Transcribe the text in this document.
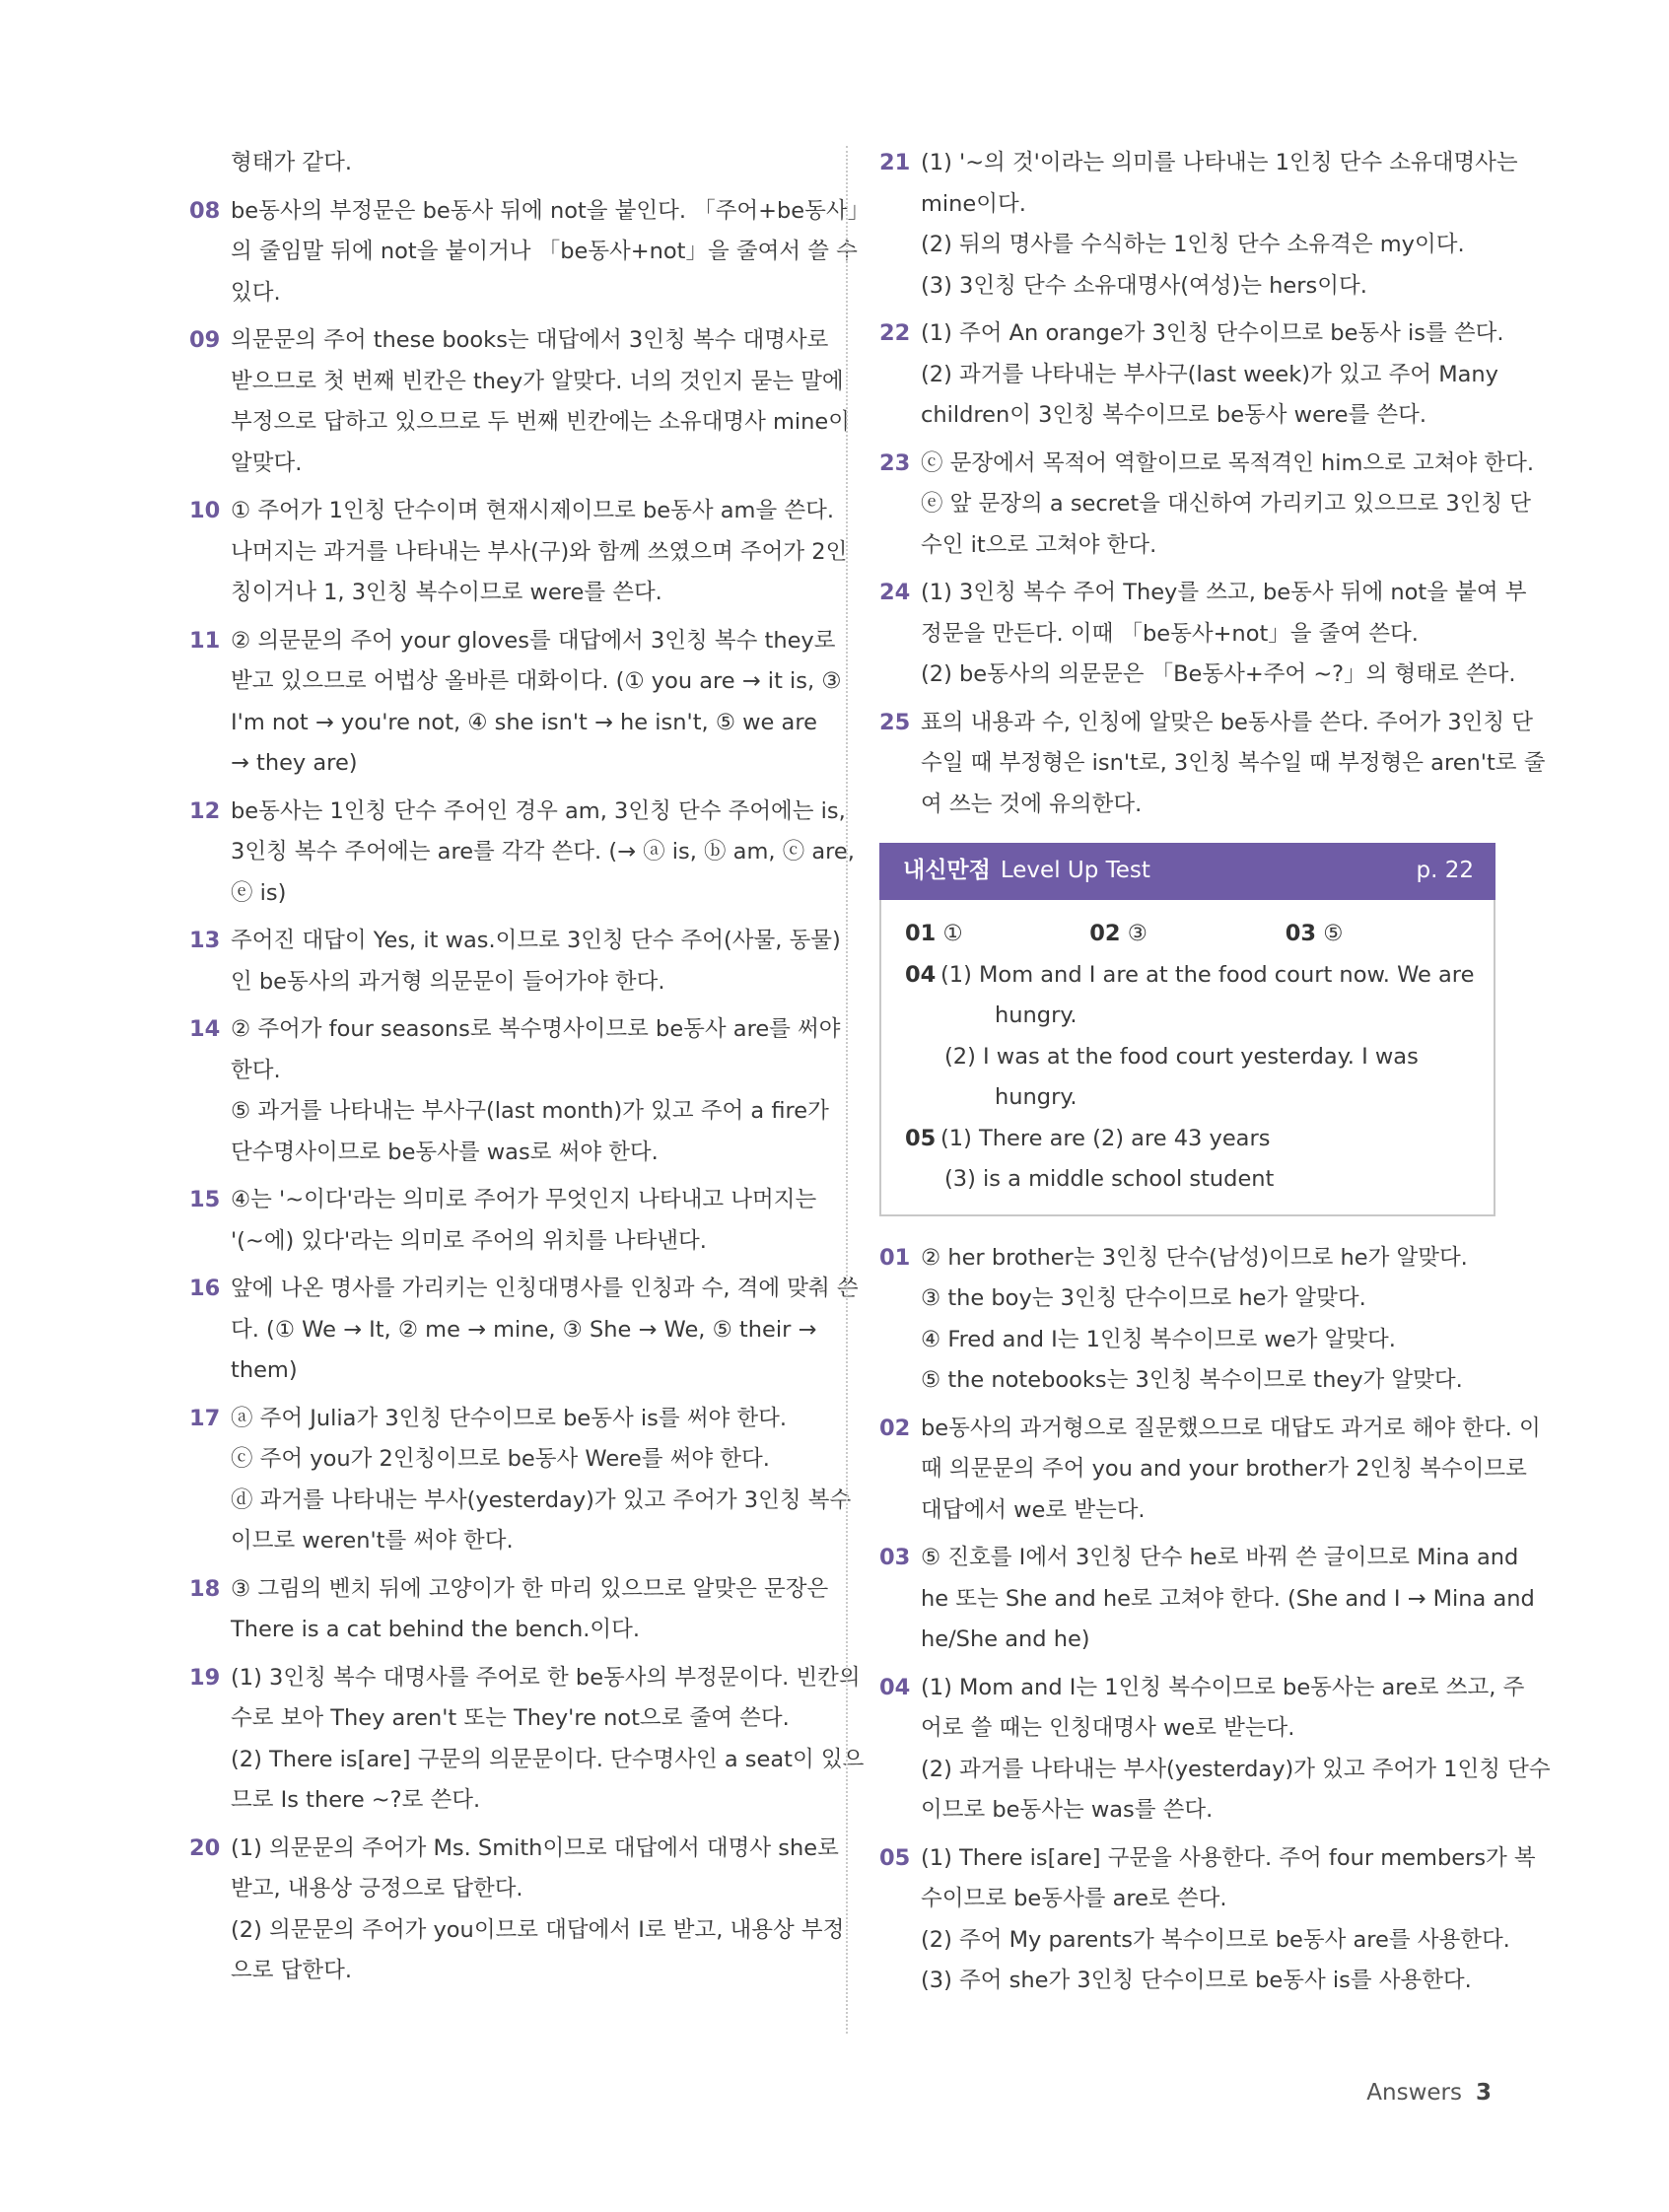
형태가 같다.
08 be동사의 부정문은 be동사 뒤에 not을 붙인다. 「주어+be동사」
의 줄임말 뒤에 not을 붙이거나 「be동사+not」을 줄여서 쓸 수
있다.
09 의문문의 주어 these books는 대답에서 3인칭 복수 대명사로
받으므로 첫 번째 빈칸은 they가 알맞다. 너의 것인지 묻는 말에
부정으로 답하고 있으므로 두 번째 빈칸에는 소유대명사 mine이
알맞다.
10 ① 주어가 1인칭 단수이며 현재시제이므로 be동사 am을 쓴다.
나머지는 과거를 나타내는 부사(구)와 함께 쓰였으며 주어가 2인
칭이거나 1, 3인칭 복수이므로 were를 쓴다.
11 ② 의문문의 주어 your gloves를 대답에서 3인칭 복수 they로
받고 있으므로 어법상 올바른 대화이다. (① you are → it is, ③
I'm not → you're not, ④ she isn't → he isn't, ⑤ we are
→ they are)
12 be동사는 1인칭 단수 주어인 경우 am, 3인칭 단수 주어에는 is,
3인칭 복수 주어에는 are를 각각 쓴다. (→ ⓐ is, ⓑ am, ⓒ are,
ⓔ is)
13 주어진 대답이 Yes, it was.이므로 3인칭 단수 주어(사물, 동물)
인 be동사의 과거형 의문문이 들어가야 한다.
14 ② 주어가 four seasons로 복수명사이므로 be동사 are를 써야
한다.
⑤ 과거를 나타내는 부사구(last month)가 있고 주어 a fire가
단수명사이므로 be동사를 was로 써야 한다.
15 ④는 '~이다'라는 의미로 주어가 무엇인지 나타내고 나머지는
'(~에) 있다'라는 의미로 주어의 위치를 나타낸다.
16 앞에 나온 명사를 가리키는 인칭대명사를 인칭과 수, 격에 맞춰 쓴
다. (① We → It, ② me → mine, ③ She → We, ⑤ their →
them)
17 ⓐ 주어 Julia가 3인칭 단수이므로 be동사 is를 써야 한다.
ⓒ 주어 you가 2인칭이므로 be동사 Were를 써야 한다.
ⓓ 과거를 나타내는 부사(yesterday)가 있고 주어가 3인칭 복수
이므로 weren't를 써야 한다.
18 ③ 그림의 벤치 뒤에 고양이가 한 마리 있으므로 알맞은 문장은
There is a cat behind the bench.이다.
19 (1) 3인칭 복수 대명사를 주어로 한 be동사의 부정문이다. 빈칸의
수로 보아 They aren't 또는 They're not으로 줄여 쓴다.
(2) There is[are] 구문의 의문문이다. 단수명사인 a seat이 있으
므로 Is there ~?로 쓴다.
20 (1) 의문문의 주어가 Ms. Smith이므로 대답에서 대명사 she로
받고, 내용상 긍정으로 답한다.
(2) 의문문의 주어가 you이므로 대답에서 I로 받고, 내용상 부정
으로 답한다.
21 (1) '~의 것'이라는 의미를 나타내는 1인칭 단수 소유대명사는
mine이다.
(2) 뒤의 명사를 수식하는 1인칭 단수 소유격은 my이다.
(3) 3인칭 단수 소유대명사(여성)는 hers이다.
22 (1) 주어 An orange가 3인칭 단수이므로 be동사 is를 쓴다.
(2) 과거를 나타내는 부사구(last week)가 있고 주어 Many
children이 3인칭 복수이므로 be동사 were를 쓴다.
23 ⓒ 문장에서 목적어 역할이므로 목적격인 him으로 고쳐야 한다.
ⓔ 앞 문장의 a secret을 대신하여 가리키고 있으므로 3인칭 단
수인 it으로 고쳐야 한다.
24 (1) 3인칭 복수 주어 They를 쓰고, be동사 뒤에 not을 붙여 부
정문을 만든다. 이때 「be동사+not」을 줄여 쓴다.
(2) be동사의 의문문은 「Be동사+주어 ~?」의 형태로 쓴다.
25 표의 내용과 수, 인칭에 알맞은 be동사를 쓴다. 주어가 3인칭 단
수일 때 부정형은 isn't로, 3인칭 복수일 때 부정형은 aren't로 줄
여 쓰는 것에 유의한다.
내신만점 Level Up Test	p. 22
01 ①	02 ③	03 ⑤
04 (1) Mom and I are at the food court now. We are
hungry.
(2) I was at the food court yesterday. I was
hungry.
05 (1) There are (2) are 43 years
(3) is a middle school student
01 ② her brother는 3인칭 단수(남성)이므로 he가 알맞다.
③ the boy는 3인칭 단수이므로 he가 알맞다.
④ Fred and I는 1인칭 복수이므로 we가 알맞다.
⑤ the notebooks는 3인칭 복수이므로 they가 알맞다.
02 be동사의 과거형으로 질문했으므로 대답도 과거로 해야 한다. 이
때 의문문의 주어 you and your brother가 2인칭 복수이므로
대답에서 we로 받는다.
03 ⑤ 진호를 I에서 3인칭 단수 he로 바꿔 쓴 글이므로 Mina and
he 또는 She and he로 고쳐야 한다. (She and I → Mina and
he/She and he)
04 (1) Mom and I는 1인칭 복수이므로 be동사는 are로 쓰고, 주
어로 쓸 때는 인칭대명사 we로 받는다.
(2) 과거를 나타내는 부사(yesterday)가 있고 주어가 1인칭 단수
이므로 be동사는 was를 쓴다.
05 (1) There is[are] 구문을 사용한다. 주어 four members가 복
수이므로 be동사를 are로 쓴다.
(2) 주어 My parents가 복수이므로 be동사 are를 사용한다.
(3) 주어 she가 3인칭 단수이므로 be동사 is를 사용한다.
Answers 3
